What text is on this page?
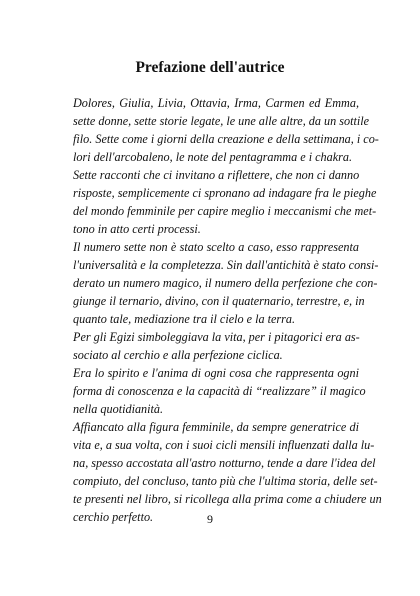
Prefazione dell'autrice
Dolores, Giulia, Livia, Ottavia, Irma, Carmen ed Emma,
sette donne, sette storie legate, le une alle altre, da un sottile
filo. Sette come i giorni della creazione e della settimana, i co-
lori dell'arcobaleno, le note del pentagramma e i chakra.
Sette racconti che ci invitano a riflettere, che non ci danno
risposte, semplicemente ci spronano ad indagare fra le pieghe
del mondo femminile per capire meglio i meccanismi che met-
tono in atto certi processi.
Il numero sette non è stato scelto a caso, esso rappresenta
l'universalità e la completezza. Sin dall'antichità è stato consi-
derato un numero magico, il numero della perfezione che con-
giunge il ternario, divino, con il quaternario, terrestre, e, in
quanto tale, mediazione tra il cielo e la terra.
Per gli Egizi simboleggiava la vita, per i pitagorici era as-
sociato al cerchio e alla perfezione ciclica.
Era lo spirito e l'anima di ogni cosa che rappresenta ogni
forma di conoscenza e la capacità di “realizzare” il magico
nella quotidianità.
Affiancato alla figura femminile, da sempre generatrice di
vita e, a sua volta, con i suoi cicli mensili influenzati dalla lu-
na, spesso accostata all'astro notturno, tende a dare l'idea del
compiuto, del concluso, tanto più che l'ultima storia, delle set-
te presenti nel libro, si ricollega alla prima come a chiudere un
cerchio perfetto.	9
